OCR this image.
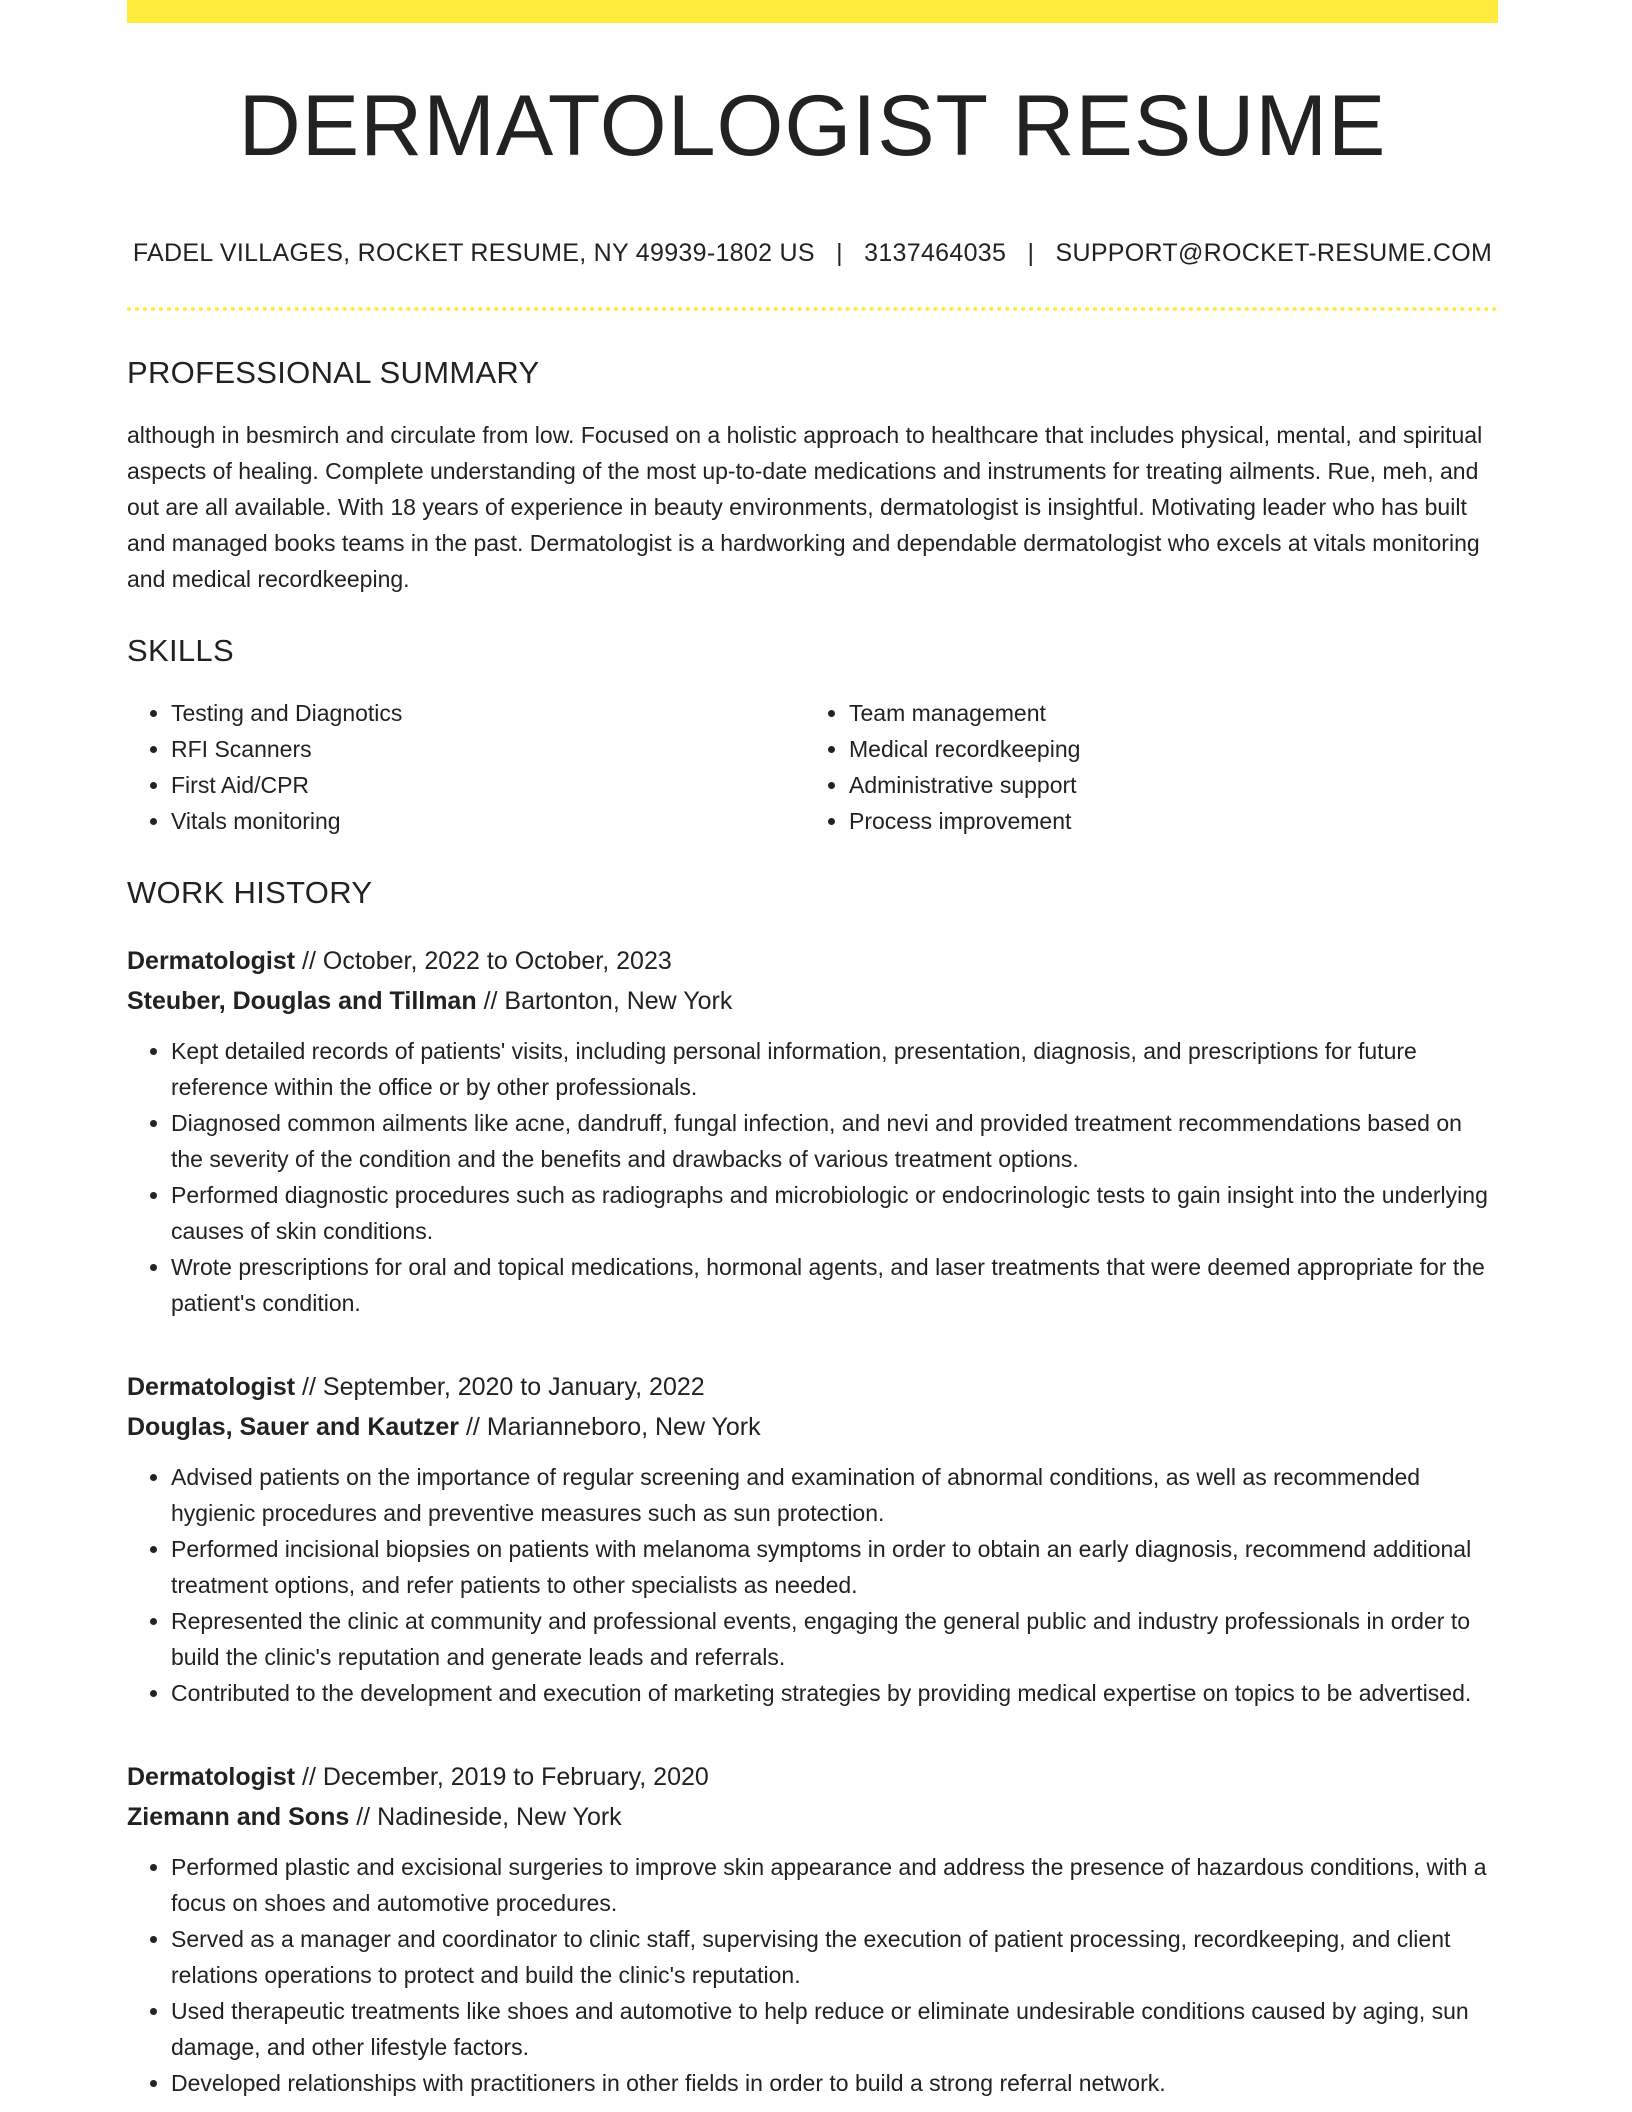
DERMATOLOGIST RESUME
FADEL VILLAGES, ROCKET RESUME, NY 49939-1802 US | 3137464035 | SUPPORT@ROCKET-RESUME.COM
PROFESSIONAL SUMMARY
although in besmirch and circulate from low. Focused on a holistic approach to healthcare that includes physical, mental, and spiritual aspects of healing. Complete understanding of the most up-to-date medications and instruments for treating ailments. Rue, meh, and out are all available. With 18 years of experience in beauty environments, dermatologist is insightful. Motivating leader who has built and managed books teams in the past. Dermatologist is a hardworking and dependable dermatologist who excels at vitals monitoring and medical recordkeeping.
SKILLS
• Testing and Diagnotics
• RFI Scanners
• First Aid/CPR
• Vitals monitoring
• Team management
• Medical recordkeeping
• Administrative support
• Process improvement
WORK HISTORY
Dermatologist // October, 2022 to October, 2023
Steuber, Douglas and Tillman // Bartonton, New York
• Kept detailed records of patients' visits, including personal information, presentation, diagnosis, and prescriptions for future reference within the office or by other professionals.
• Diagnosed common ailments like acne, dandruff, fungal infection, and nevi and provided treatment recommendations based on the severity of the condition and the benefits and drawbacks of various treatment options.
• Performed diagnostic procedures such as radiographs and microbiologic or endocrinologic tests to gain insight into the underlying causes of skin conditions.
• Wrote prescriptions for oral and topical medications, hormonal agents, and laser treatments that were deemed appropriate for the patient's condition.
Dermatologist // September, 2020 to January, 2022
Douglas, Sauer and Kautzer // Marianneboro, New York
• Advised patients on the importance of regular screening and examination of abnormal conditions, as well as recommended hygienic procedures and preventive measures such as sun protection.
• Performed incisional biopsies on patients with melanoma symptoms in order to obtain an early diagnosis, recommend additional treatment options, and refer patients to other specialists as needed.
• Represented the clinic at community and professional events, engaging the general public and industry professionals in order to build the clinic's reputation and generate leads and referrals.
• Contributed to the development and execution of marketing strategies by providing medical expertise on topics to be advertised.
Dermatologist // December, 2019 to February, 2020
Ziemann and Sons // Nadineside, New York
• Performed plastic and excisional surgeries to improve skin appearance and address the presence of hazardous conditions, with a focus on shoes and automotive procedures.
• Served as a manager and coordinator to clinic staff, supervising the execution of patient processing, recordkeeping, and client relations operations to protect and build the clinic's reputation.
• Used therapeutic treatments like shoes and automotive to help reduce or eliminate undesirable conditions caused by aging, sun damage, and other lifestyle factors.
• Developed relationships with practitioners in other fields in order to build a strong referral network.
